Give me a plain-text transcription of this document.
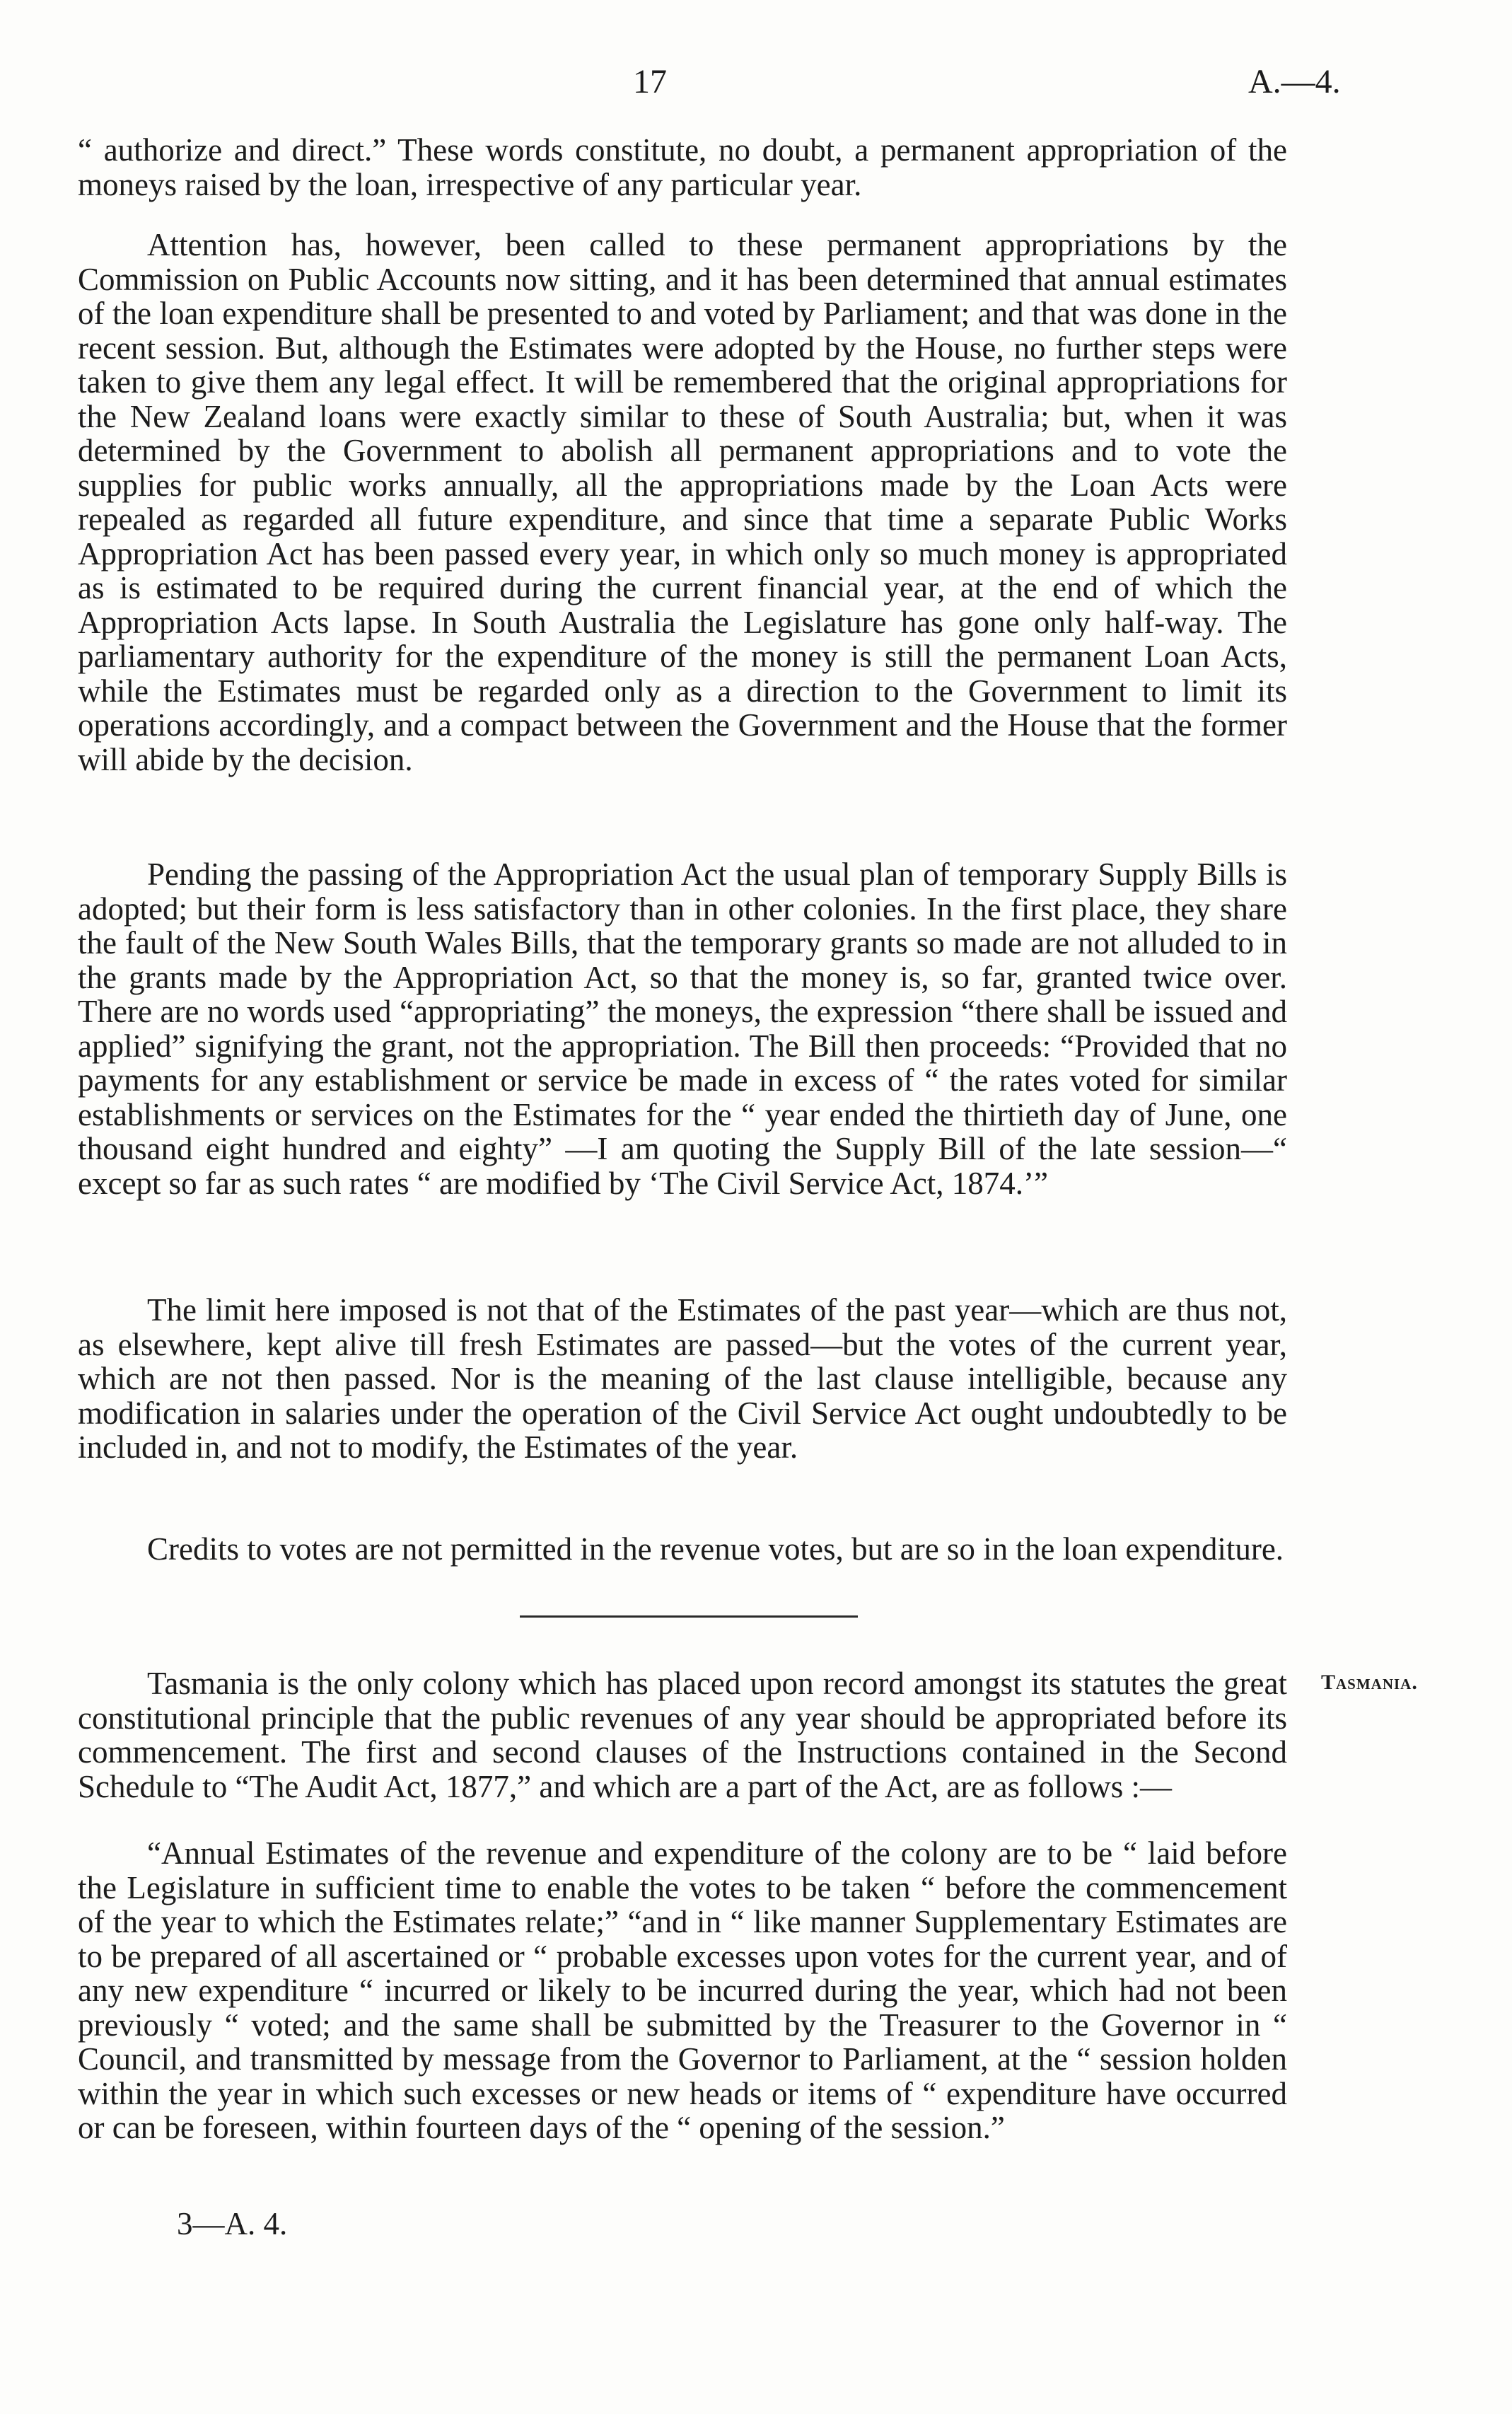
17	A.—4.

“ authorize and direct.” These words constitute, no doubt, a permanent appropriation of the moneys raised by the loan, irrespective of any particular year.

Attention has, however, been called to these permanent appropriations by the Commission on Public Accounts now sitting, and it has been determined that annual estimates of the loan expenditure shall be presented to and voted by Parliament; and that was done in the recent session. But, although the Estimates were adopted by the House, no further steps were taken to give them any legal effect. It will be remembered that the original appropriations for the New Zealand loans were exactly similar to these of South Australia; but, when it was determined by the Government to abolish all permanent appropriations and to vote the supplies for public works annually, all the appropriations made by the Loan Acts were repealed as regarded all future expenditure, and since that time a separate Public Works Appropriation Act has been passed every year, in which only so much money is appropriated as is estimated to be required during the current financial year, at the end of which the Appropriation Acts lapse. In South Australia the Legislature has gone only half-way. The parliamentary authority for the expenditure of the money is still the permanent Loan Acts, while the Estimates must be regarded only as a direction to the Government to limit its operations accordingly, and a compact between the Government and the House that the former will abide by the decision.

Pending the passing of the Appropriation Act the usual plan of temporary Supply Bills is adopted; but their form is less satisfactory than in other colonies. In the first place, they share the fault of the New South Wales Bills, that the temporary grants so made are not alluded to in the grants made by the Appropriation Act, so that the money is, so far, granted twice over. There are no words used “appropriating” the moneys, the expression “there shall be issued and applied” signifying the grant, not the appropriation. The Bill then proceeds: “Provided that no payments for any establishment or service be made in excess of “ the rates voted for similar establishments or services on the Estimates for the “ year ended the thirtieth day of June, one thousand eight hundred and eighty” —I am quoting the Supply Bill of the late session—“ except so far as such rates “ are modified by ‘The Civil Service Act, 1874.’”

The limit here imposed is not that of the Estimates of the past year—which are thus not, as elsewhere, kept alive till fresh Estimates are passed—but the votes of the current year, which are not then passed. Nor is the meaning of the last clause intelligible, because any modification in salaries under the operation of the Civil Service Act ought undoubtedly to be included in, and not to modify, the Estimates of the year.

Credits to votes are not permitted in the revenue votes, but are so in the loan expenditure.

Tasmania.

Tasmania is the only colony which has placed upon record amongst its statutes the great constitutional principle that the public revenues of any year should be appropriated before its commencement. The first and second clauses of the Instructions contained in the Second Schedule to “The Audit Act, 1877,” and which are a part of the Act, are as follows :—

“Annual Estimates of the revenue and expenditure of the colony are to be “ laid before the Legislature in sufficient time to enable the votes to be taken “ before the commencement of the year to which the Estimates relate;” “and in “ like manner Supplementary Estimates are to be prepared of all ascertained or “ probable excesses upon votes for the current year, and of any new expenditure “ incurred or likely to be incurred during the year, which had not been previously “ voted; and the same shall be submitted by the Treasurer to the Governor in “ Council, and transmitted by message from the Governor to Parliament, at the “ session holden within the year in which such excesses or new heads or items of “ expenditure have occurred or can be foreseen, within fourteen days of the “ opening of the session.”

3—A. 4.
